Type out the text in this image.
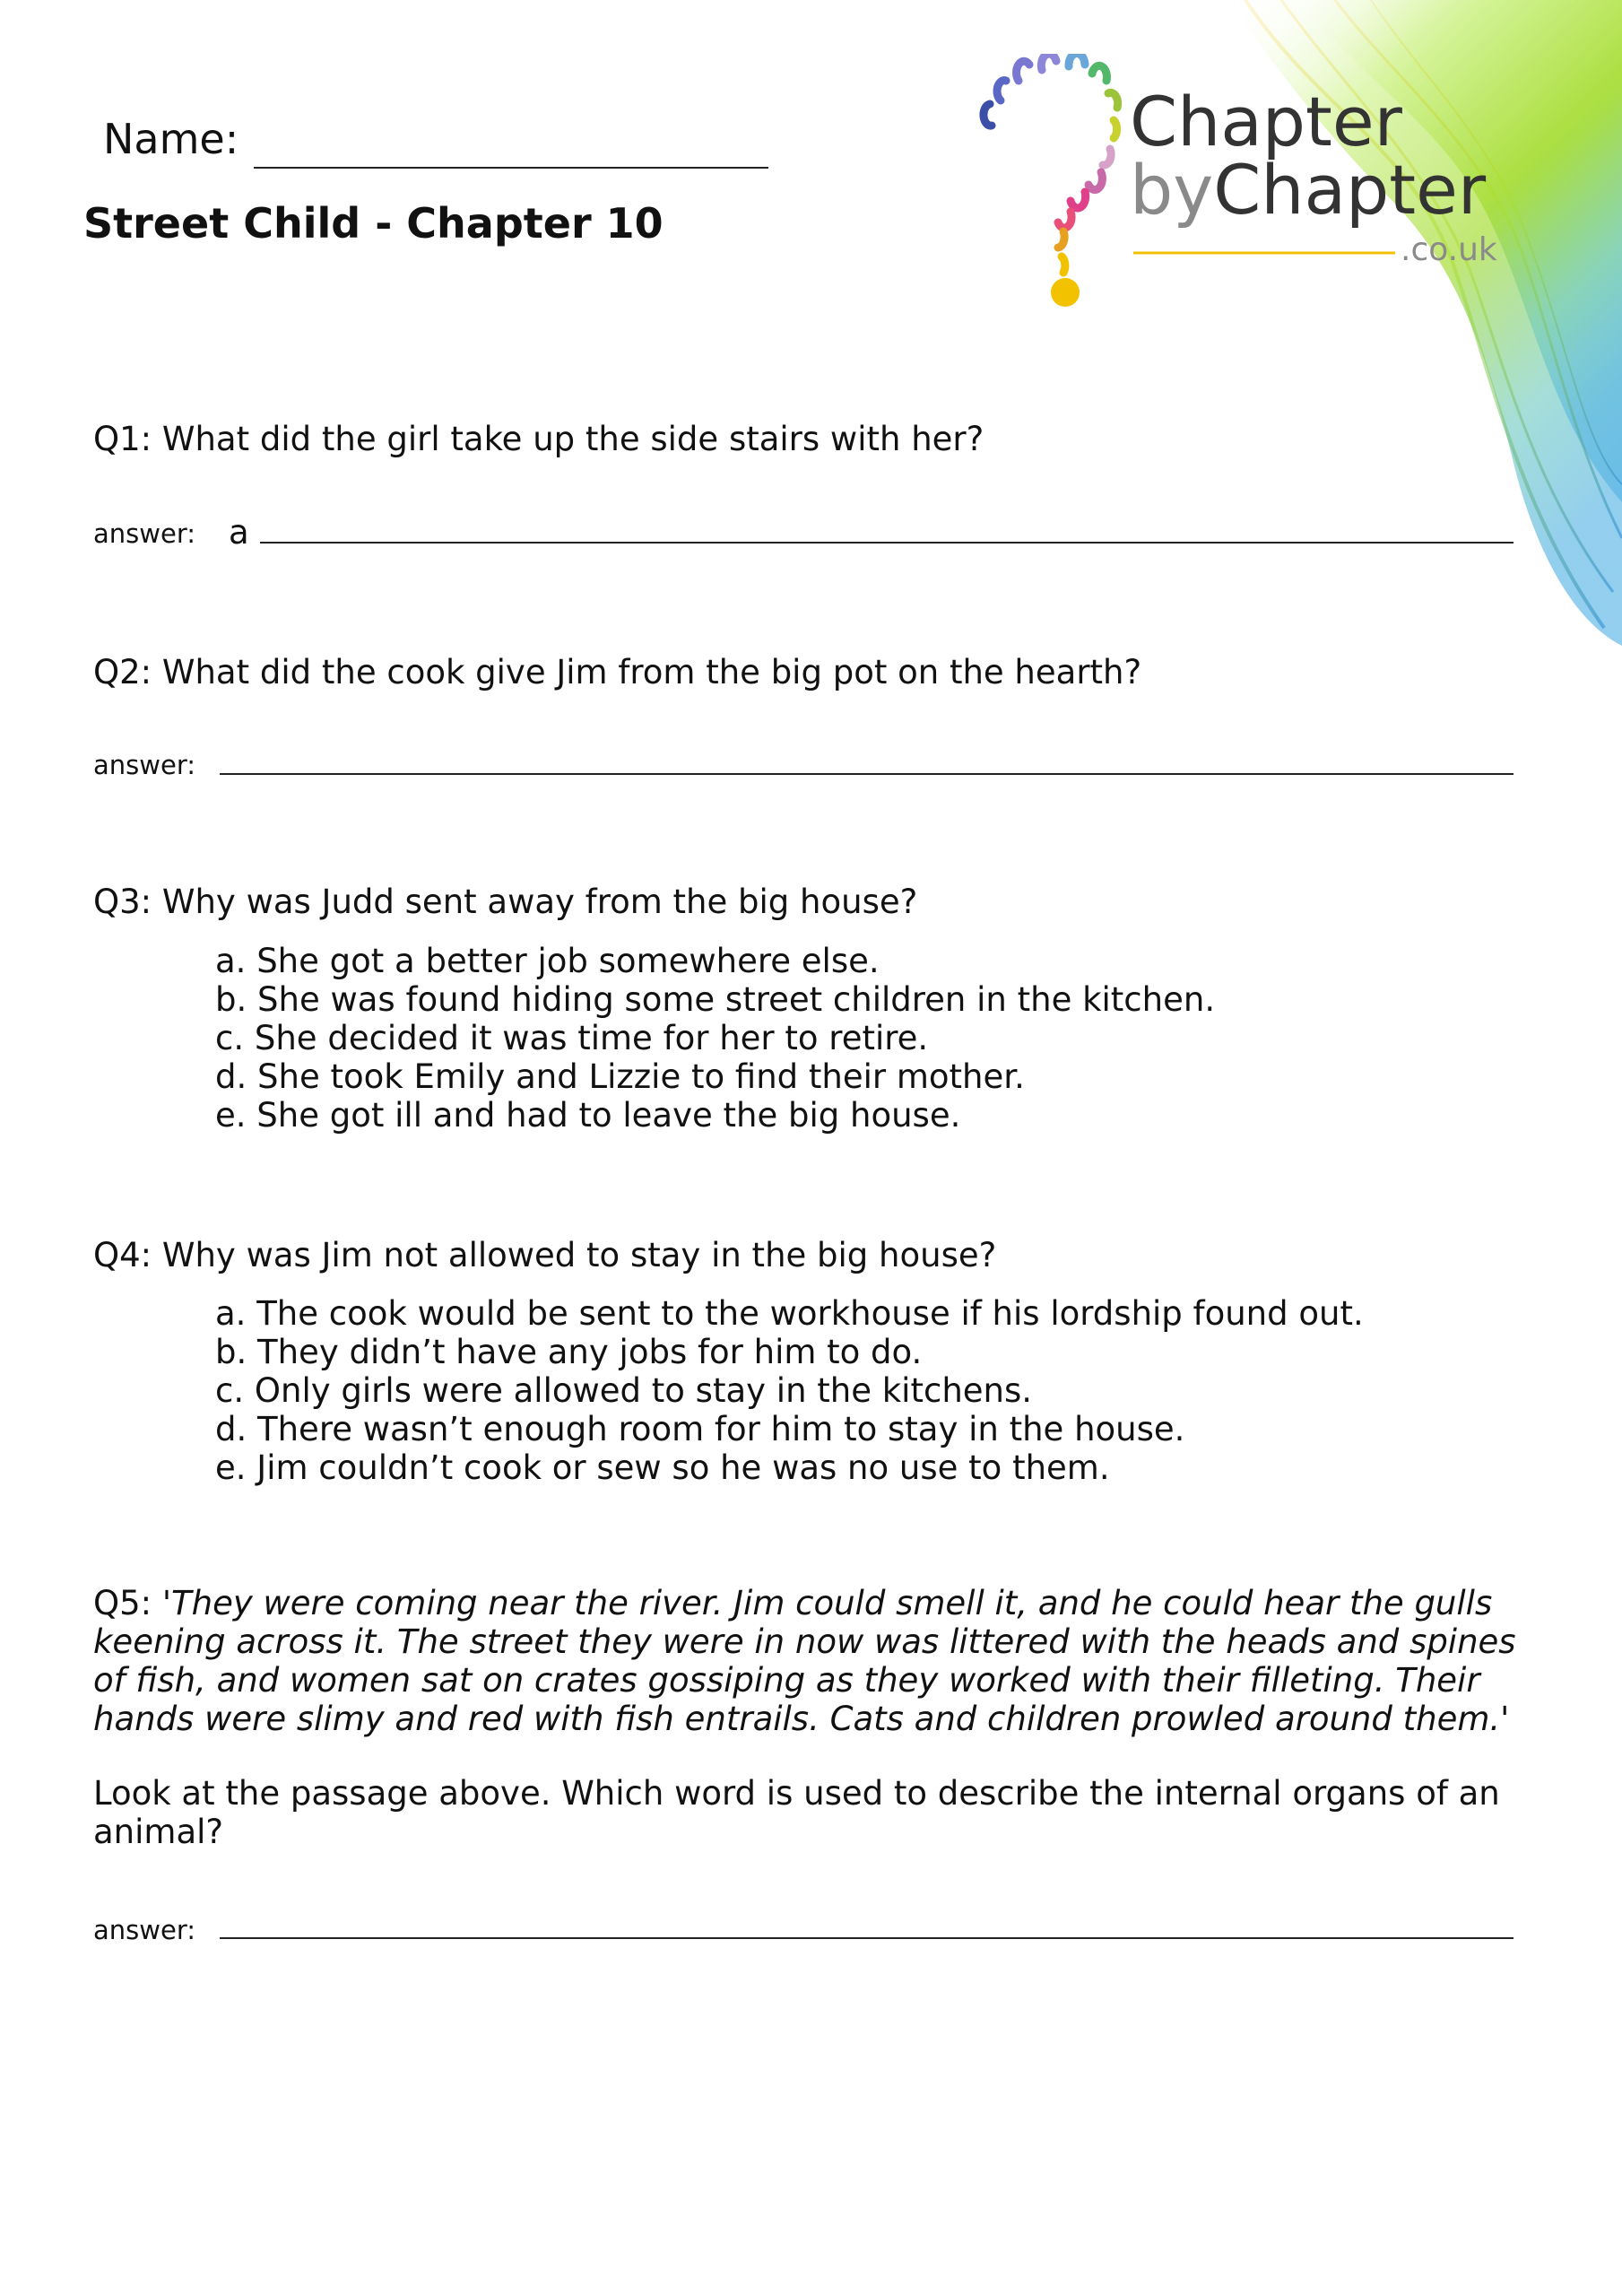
Name:
Street Child - Chapter 10
Chapter
byChapter
.co.uk
Q1: What did the girl take up the side stairs with her?
answer: a
Q2: What did the cook give Jim from the big pot on the hearth?
answer:
Q3: Why was Judd sent away from the big house?
a. She got a better job somewhere else.
b. She was found hiding some street children in the kitchen.
c. She decided it was time for her to retire.
d. She took Emily and Lizzie to find their mother.
e. She got ill and had to leave the big house.
Q4: Why was Jim not allowed to stay in the big house?
a. The cook would be sent to the workhouse if his lordship found out.
b. They didn’t have any jobs for him to do.
c. Only girls were allowed to stay in the kitchens.
d. There wasn’t enough room for him to stay in the house.
e. Jim couldn’t cook or sew so he was no use to them.
Q5: 'They were coming near the river. Jim could smell it, and he could hear the gulls keening across it. The street they were in now was littered with the heads and spines of fish, and women sat on crates gossiping as they worked with their filleting. Their hands were slimy and red with fish entrails. Cats and children prowled around them.'
Look at the passage above. Which word is used to describe the internal organs of an animal?
answer:
